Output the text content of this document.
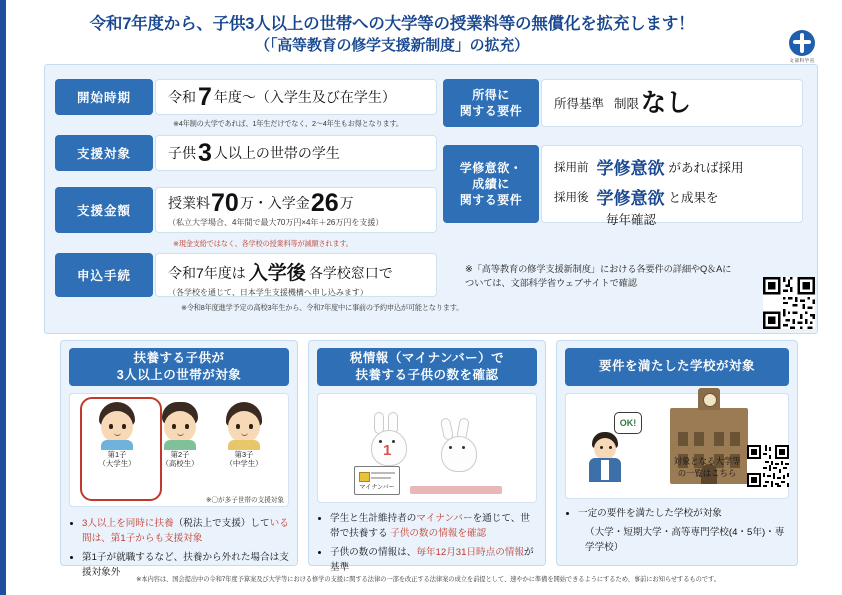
令和7年度から、子供3人以上の世帯への大学等の授業料等の無償化を拡充します！
（「高等教育の修学支援新制度」の拡充）
文部科学省
開始時期	令和 7 年度～（入学生及び在学生）
※4年制の大学であれば、1年生だけでなく、2～4年生もお得となります。
支援対象	子供 3 人以上の世帯の学生
支援金額	授業料 70 万・入学金 26 万
（私立大学場合、4年間で最大70万円×4年＋26万円を支援）
※現金支給ではなく、各学校の授業料等が減額されます。
申込手続	令和7年度は 入学後 各学校窓口で
（各学校を通じて、日本学生支援機構へ申し込みます）
※令和8年度進学予定の高校3年生から、令和7年度中に事前の予約申込が可能となります。
所得に
関する要件	所得基準 制限 なし
学修意欲・
成績に
関する要件
採用前 学修意欲 があれば採用
採用後 学修意欲 と成果を
毎年確認
※「高等教育の修学支援新制度」における各要件の詳細やQ＆Aに
ついては、文部科学省ウェブサイトで確認
扶養する子供が
3人以上の世帯が対象
第1子
（大学生）
第2子
（高校生）
第3子
（中学生）
※〇が多子世帯の支援対象
• 3人以上を同時に扶養（税法上で支援）している間は、第1子からも支援対象
• 第1子が就職するなど、扶養から外れた場合は支援対象外
税情報（マイナンバー）で
扶養する子供の数を確認
1
マイナンバー
• 学生と生計維持者のマイナンバーを通じて、世帯で扶養する 子供の数の情報を確認
• 子供の数の情報は、毎年12月31日時点の情報が基準
要件を満たした学校が対象
OK!
• 一定の要件を満たした学校が対象
（大学・短期大学・高等専門学校(4・5年)・専学学校）
対象となる大学等
の一覧はこちら
※本内容は、国会提出中の令和7年度予算案及び大学等における修学の支援に関する法律の一部を改正する法律案の成立を前提として、速やかに準備を開始できるようにするため、事前にお知らせするものです。
